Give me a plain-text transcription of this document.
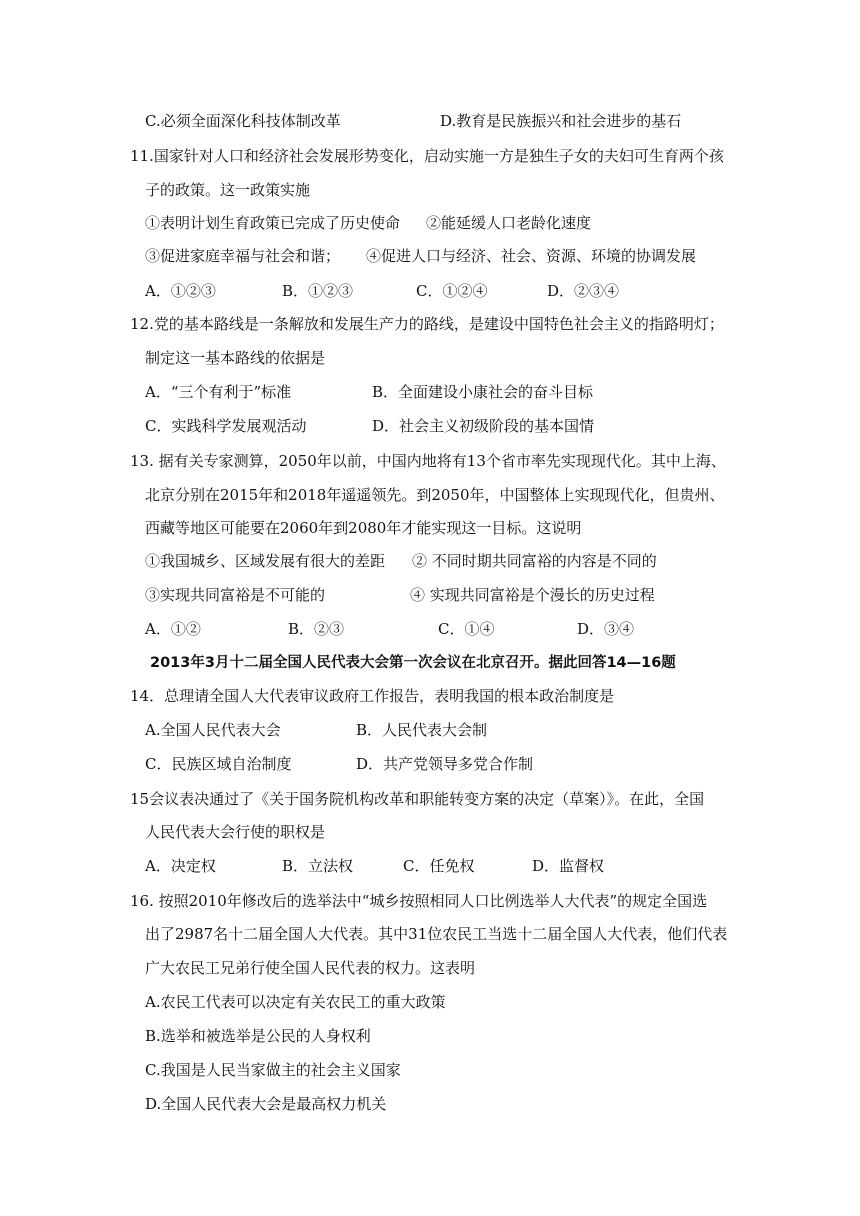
C.必须全面深化科技体制改革	D.教育是民族振兴和社会进步的基石
11.国家针对人口和经济社会发展形势变化，启动实施一方是独生子女的夫妇可生育两个孩
子的政策。这一政策实施
①表明计划生育政策已完成了历史使命 ②能延缓人口老龄化速度
③促进家庭幸福与社会和谐； ④促进人口与经济、社会、资源、环境的协调发展
A．①②③	B．①②③	C．①②④	D．②③④
12.党的基本路线是一条解放和发展生产力的路线，是建设中国特色社会主义的指路明灯；
制定这一基本路线的依据是
A．“三个有利于”标准	B．全面建设小康社会的奋斗目标
C．实践科学发展观活动	D．社会主义初级阶段的基本国情
13. 据有关专家测算，2050年以前，中国内地将有13个省市率先实现现代化。其中上海、
北京分别在2015年和2018年遥遥领先。到2050年，中国整体上实现现代化，但贵州、
西藏等地区可能要在2060年到2080年才能实现这一目标。这说明
①我国城乡、区域发展有很大的差距 ② 不同时期共同富裕的内容是不同的
③实现共同富裕是不可能的	④ 实现共同富裕是个漫长的历史过程
A．①②	B．②③	C．①④	D．③④
2013年3月十二届全国人民代表大会第一次会议在北京召开。据此回答14—16题
14．总理请全国人大代表审议政府工作报告，表明我国的根本政治制度是
A.全国人民代表大会	B．人民代表大会制
C．民族区域自治制度	D．共产党领导多党合作制
15会议表决通过了《关于国务院机构改革和职能转变方案的决定（草案）》。在此，全国
人民代表大会行使的职权是
A．决定权	B．立法权	C．任免权	D．监督权
16. 按照2010年修改后的选举法中“城乡按照相同人口比例选举人大代表”的规定全国选
出了2987名十二届全国人大代表。其中31位农民工当选十二届全国人大代表，他们代表
广大农民工兄弟行使全国人民代表的权力。这表明
A.农民工代表可以决定有关农民工的重大政策
B.选举和被选举是公民的人身权利
C.我国是人民当家做主的社会主义国家
D.全国人民代表大会是最高权力机关
